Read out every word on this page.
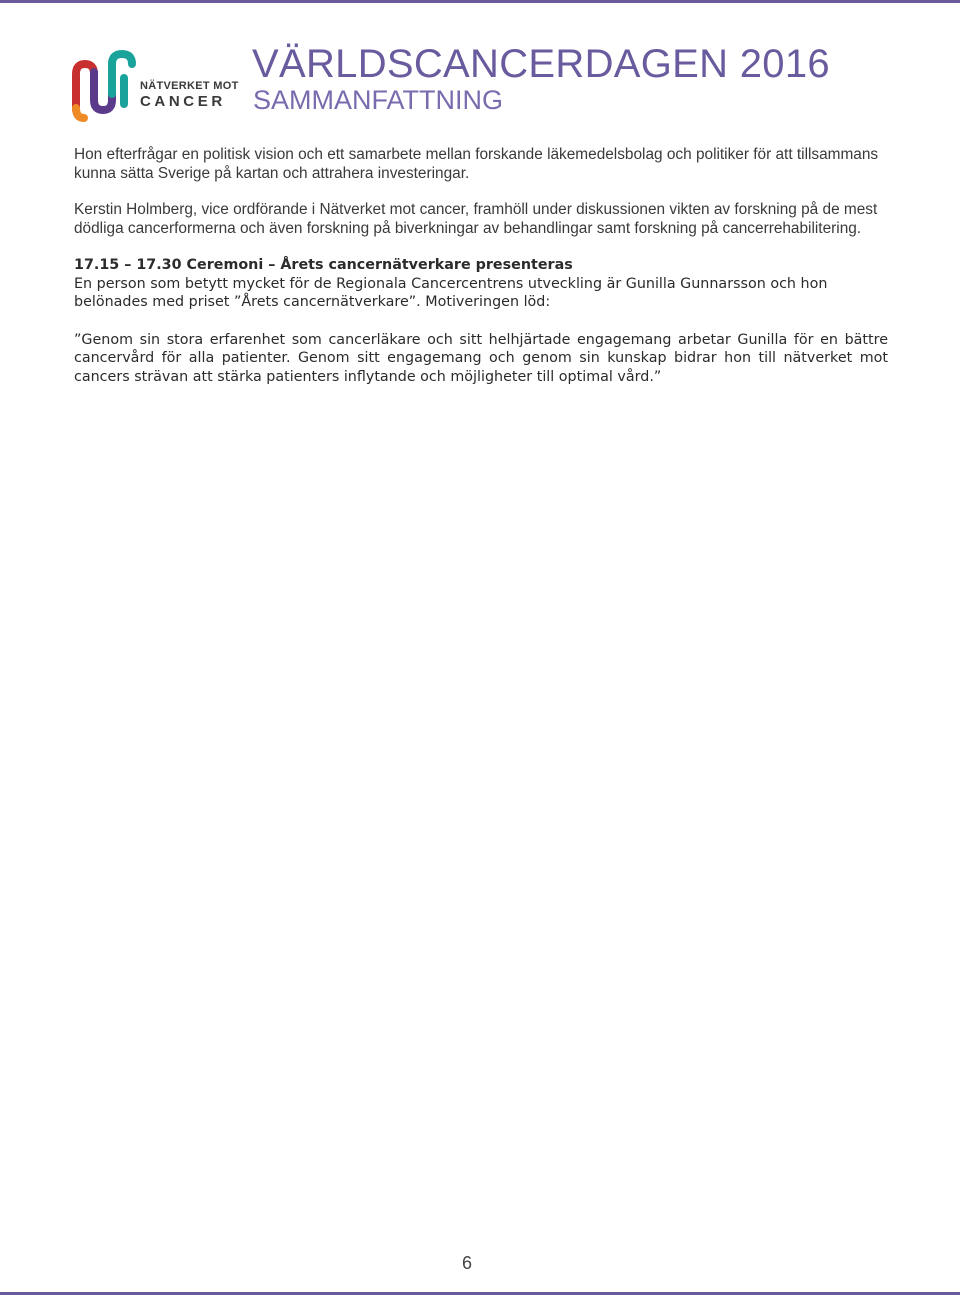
NÄTVERKET MOT
CANCER
VÄRLDSCANCERDAGEN 2016
SAMMANFATTNING

Hon efterfrågar en politisk vision och ett samarbete mellan forskande läkemedelsbolag och politiker för att tillsammans kunna sätta Sverige på kartan och attrahera investeringar.

Kerstin Holmberg, vice ordförande i Nätverket mot cancer, framhöll under diskussionen vikten av forskning på de mest dödliga cancerformerna och även forskning på biverkningar av behandlingar samt forskning på cancerrehabilitering.

17.15 – 17.30 Ceremoni – Årets cancernätverkare presenteras

En person som betytt mycket för de Regionala Cancercentrens utveckling är Gunilla Gunnarsson och hon belönades med priset ”Årets cancernätverkare”. Motiveringen löd:

”Genom sin stora erfarenhet som cancerläkare och sitt helhjärtade engagemang arbetar Gunilla för en bättre cancervård för alla patienter. Genom sitt engagemang och genom sin kunskap bidrar hon till nätverket mot cancers strävan att stärka patienters inflytande och möjligheter till optimal vård.”

6
